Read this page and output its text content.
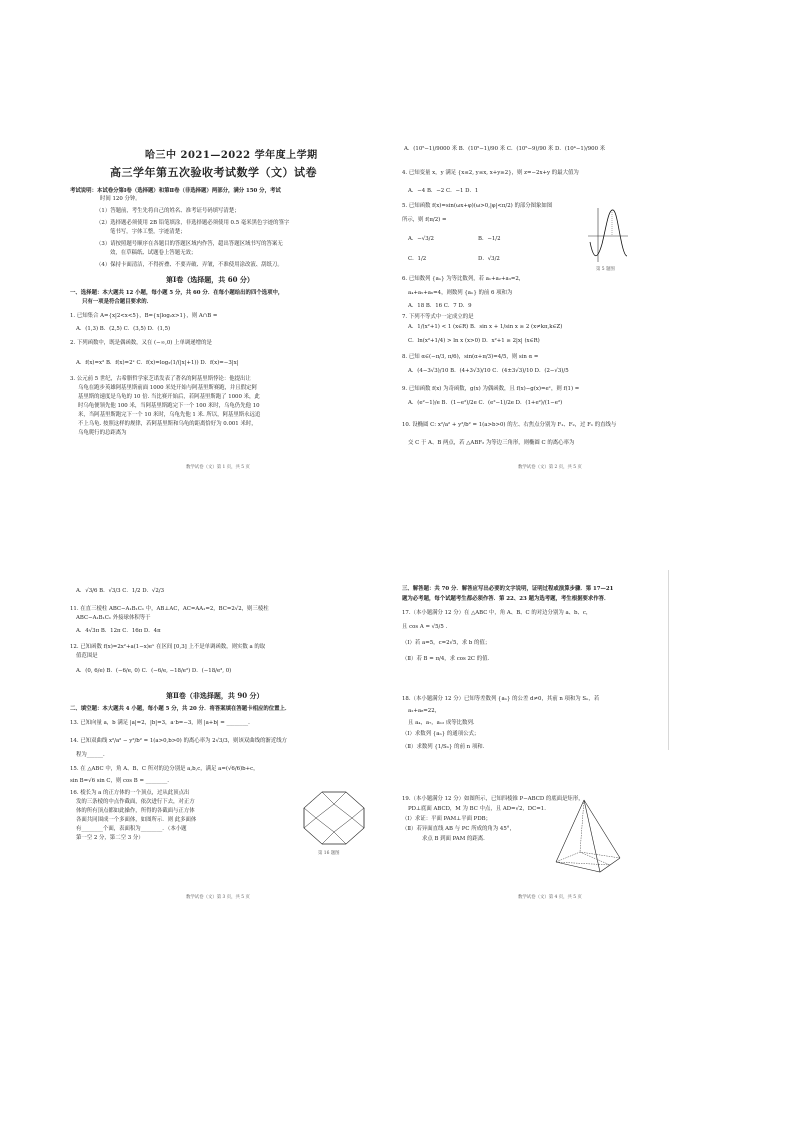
哈三中 2021—2022 学年度上学期
高三学年第五次验收考试数学（文）试卷
考试说明：本试卷分第Ⅰ卷（选择题）和第Ⅱ卷（非选择题）两部分，满分 150 分，考试
时间 120 分钟。
（1）答题前，考生先将自己的姓名、准考证号码填写清楚；
（2）选择题必须使用 2B 铅笔填涂，非选择题必须使用 0.5 毫米黑色字迹的签字
笔书写，字体工整，字迹清楚；
（3）请按照题号顺序在各题目的答题区域内作答，超出答题区域书写的答案无
效，在草稿纸、试题卷上答题无效；
（4）保持卡面清洁，不得折叠、不要弄破、弄皱，不准使用涂改液、刮纸刀。
第Ⅰ卷（选择题，共 60 分）
一、选择题：本大题共 12 小题，每小题 5 分，共 60 分．在每小题给出的四个选项中，
只有一项是符合题目要求的．
1. 已知集合 A={x|2<x<5}，B={x|log₂x>1}，则 A∩B =
A．(1,3) B．(2,5) C．(3,5) D．(1,5)
2. 下列函数中，既是偶函数，又在 (−∞,0) 上单调递增的是
A．f(x)=x² B．f(x)=2ˣ C．f(x)=log₂(1/(|x|+1)) D．f(x)=−3|x|
3. 公元前 5 世纪，古希腊哲学家芝诺发表了著名的阿基里斯悖论：他提出让
乌龟在跑步英雄阿基里斯前面 1000 米处开始与阿基里斯赛跑，并且假定阿
基里斯的速度是乌龟的 10 倍. 当比赛开始后，若阿基里斯跑了 1000 米，此
时乌龟便领先他 100 米，当阿基里斯跑完下一个 100 米时，乌龟仍先他 10
米，当阿基里斯跑完下一个 10 米时，乌龟先他 1 米. 所以，阿基里斯永远追
不上乌龟. 按照这样的规律，若阿基里斯和乌龟的距离恰好为 0.001 米时，
乌龟爬行的总距离为
数学试卷（文）第 1 页，共 5 页
A．(10⁵−1)/9000 米 B．(10⁵−1)/90 米 C．(10⁵−9)/90 米 D．(10⁴−1)/900 米
4. 已知变量 x，y 满足 {x≤2, y≤x, x+y≥2}，则 z=−2x+y 的最大值为
A．−4 B．−2 C．−1 D．1
5. 已知函数 f(x)=sin(ωx+φ)(ω>0,|φ|<π/2) 的部分图象如图
所示，则 f(π/2) =
A．−√3/2	B．−1/2
C．1/2	D．√3/2
第 5 题图
6. 已知数列 {aₙ} 为等比数列，若 a₁+a₂+a₃=2，
a₄+a₅+a₆=4，则数列 {aₙ} 的前 6 项和为
A．18 B．16 C．7 D．9
7. 下列不等式中一定成立的是
A．1/(x²+1) < 1 (x∈R) B．sin x + 1/sin x ≥ 2 (x≠kπ,k∈Z)
C．ln(x²+1/4) > ln x (x>0) D．x²+1 ≥ 2|x| (x∈R)
8. 已知 α∈(−π/3, π/6)，sin(α+π/3)=4/5，则 sin α =
A．(4−3√3)/10 B．(4+3√3)/10 C．(4±3√3)/10 D．(2−√3)/5
9. 已知函数 f(x) 为奇函数，g(x) 为偶函数，且 f(x)−g(x)=eˣ，则 f(1) =
A．(e²−1)/e B．(1−e²)/2e C．(e²−1)/2e D．(1+e²)/(1−e²)
10. 设椭圆 C: x²/a² + y²/b² = 1(a>b>0) 的左、右焦点分别为 F₁、F₂，过 F₁ 的直线与
交 C 于 A、B 两点，若 △ABF₂ 为等边三角形，则椭圆 C 的离心率为
数学试卷（文）第 2 页，共 5 页
A．√3/6 B．√3/3 C．1/2 D．√2/3
11. 在直三棱柱 ABC−A₁B₁C₁ 中，AB⊥AC，AC=AA₁=2，BC=2√2，则三棱柱
ABC−A₁B₁C₁ 外接球体积等于
A．4√3π B．12π C．16π D．4π
12. 已知函数 f(x)=2x²+a(1−x)eˣ 在区间 [0,3] 上不是单调函数，则实数 a 的取
值范围是
A．(0, 6/e) B．(−6/e, 0) C．(−6/e, −18/e²) D．(−18/e³, 0)
第Ⅱ卷（非选择题，共 90 分）
二、填空题：本大题共 4 小题，每小题 5 分，共 20 分．将答案填在答题卡相应的位置上．
13. 已知向量 a，b 满足 |a|=2，|b|=3，a·b=−3，则 |a+b| = ________.
14. 已知双曲线 x²/a² − y²/b² = 1(a>0,b>0) 的离心率为 2√3/3，则该双曲线的渐近线方
程为______.
15. 在 △ABC 中，角 A、B、C 所对的边分别是 a,b,c，满足 a=(√6/6)b+c，
sin B=√6 sin C，则 cos B = ________.
16. 棱长为 a 的正方体的一个顶点，过从此顶点出
发的三条棱的中点作截面，依次进行下去，对正方
体的所有顶点都如此操作，所得的各截面与正方体
各面共同围成一个多面体，如图所示．则 此多面体
有________个面，表面积为________．（本小题
第一空 2 分，第二空 3 分）
第 16 题图
数学试卷（文）第 3 页，共 5 页
三、解答题：共 70 分．解答应写出必要的文字说明，证明过程或演算步骤．第 17—21
题为必考题，每个试题考生都必须作答．第 22、23 题为选考题，考生根据要求作答．
17.（本小题满分 12 分）在 △ABC 中，角 A、B、C 的对边分别为 a、b、c，
且 cos A = √5/5 .
（Ⅰ）若 a=5，c=2√5，求 b 的值；
（Ⅱ）若 B = π/4，求 cos 2C 的值．
18.（本小题满分 12 分）已知等差数列 {aₙ} 的公差 d≠0，其前 n 项和为 Sₙ，若
a₂+a₈=22，
且 a₄，a₇，a₁₂ 成等比数列．
（Ⅰ）求数列 {aₙ} 的通项公式；
（Ⅱ）求数列 {1/Sₙ} 的前 n 项和．
19.（本小题满分 12 分）如图所示，已知四棱锥 P−ABCD 的底面是矩形，
PD⊥底面 ABCD，M 为 BC 中点，且 AD=√2，DC=1．
（Ⅰ）求证：平面 PAM⊥平面 PDB；
（Ⅱ）若异面直线 AB 与 PC 所成的角为 45°，
求点 B 到面 PAM 的距离．
数学试卷（文）第 4 页，共 5 页
